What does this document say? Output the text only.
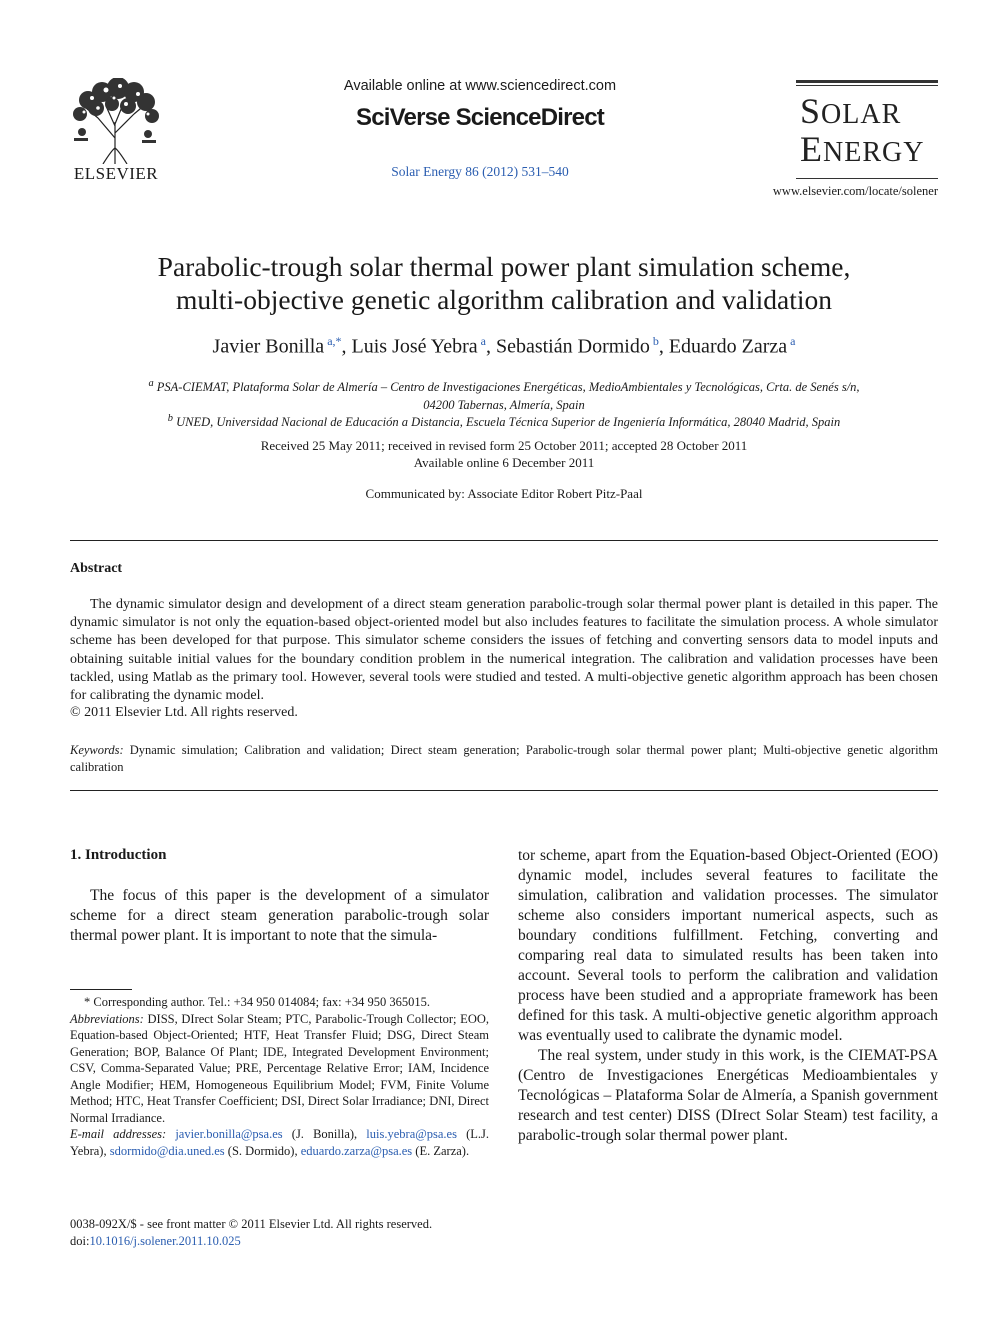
ELSEVIER
Available online at www.sciencedirect.com
SciVerse ScienceDirect
Solar Energy 86 (2012) 531–540
SOLAR
ENERGY
www.elsevier.com/locate/solener
Parabolic-trough solar thermal power plant simulation scheme,
multi-objective genetic algorithm calibration and validation
Javier Bonilla $^{a,*}$, Luis José Yebra $^a$, Sebastián Dormido $^b$, Eduardo Zarza $^a$
$^a$ PSA-CIEMAT, Plataforma Solar de Almería – Centro de Investigaciones Energéticas, MedioAmbientales y Tecnológicas, Crta. de Senés s/n,
04200 Tabernas, Almería, Spain
$^b$ UNED, Universidad Nacional de Educación a Distancia, Escuela Técnica Superior de Ingeniería Informática, 28040 Madrid, Spain
Received 25 May 2011; received in revised form 25 October 2011; accepted 28 October 2011
Available online 6 December 2011
Communicated by: Associate Editor Robert Pitz-Paal
Abstract
The dynamic simulator design and development of a direct steam generation parabolic-trough solar thermal power plant is detailed in this paper. The dynamic simulator is not only the equation-based object-oriented model but also includes features to facilitate the simulation process. A whole simulator scheme has been developed for that purpose. This simulator scheme considers the issues of fetching and converting sensors data to model inputs and obtaining suitable initial values for the boundary condition problem in the numerical integration. The calibration and validation processes have been tackled, using Matlab as the primary tool. However, several tools were studied and tested. A multi-objective genetic algorithm approach has been chosen for calibrating the dynamic model.
© 2011 Elsevier Ltd. All rights reserved.
Keywords: Dynamic simulation; Calibration and validation; Direct steam generation; Parabolic-trough solar thermal power plant; Multi-objective genetic algorithm calibration
1. Introduction
The focus of this paper is the development of a simulator scheme for a direct steam generation parabolic-trough solar thermal power plant. It is important to note that the simula-

* Corresponding author. Tel.: +34 950 014084; fax: +34 950 365015.

Abbreviations: DISS, DIrect Solar Steam; PTC, Parabolic-Trough Collector; EOO, Equation-based Object-Oriented; HTF, Heat Transfer Fluid; DSG, Direct Steam Generation; BOP, Balance Of Plant; IDE, Integrated Development Environment; CSV, Comma-Separated Value; PRE, Percentage Relative Error; IAM, Incidence Angle Modifier; HEM, Homogeneous Equilibrium Model; FVM, Finite Volume Method; HTC, Heat Transfer Coefficient; DSI, Direct Solar Irradiance; DNI, Direct Normal Irradiance.

E-mail addresses: javier.bonilla@psa.es (J. Bonilla), luis.yebra@psa.es (L.J. Yebra), sdormido@dia.uned.es (S. Dormido), eduardo.zarza@psa.es (E. Zarza).

0038-092X/$ - see front matter © 2011 Elsevier Ltd. All rights reserved.
doi:10.1016/j.solener.2011.10.025

tor scheme, apart from the Equation-based Object-Oriented (EOO) dynamic model, includes several features to facilitate the simulation, calibration and validation processes. The simulator scheme also considers important numerical aspects, such as boundary conditions fulfillment. Fetching, converting and comparing real data to simulated results has been taken into account. Several tools to perform the calibration and validation process have been studied and a appropriate framework has been defined for this task. A multi-objective genetic algorithm approach was eventually used to calibrate the dynamic model.

The real system, under study in this work, is the CIEMAT-PSA (Centro de Investigaciones Energéticas Medioambientales y Tecnológicas – Plataforma Solar de Almería, a Spanish government research and test center) DISS (DIrect Solar Steam) test facility, a parabolic-trough solar thermal power plant.
